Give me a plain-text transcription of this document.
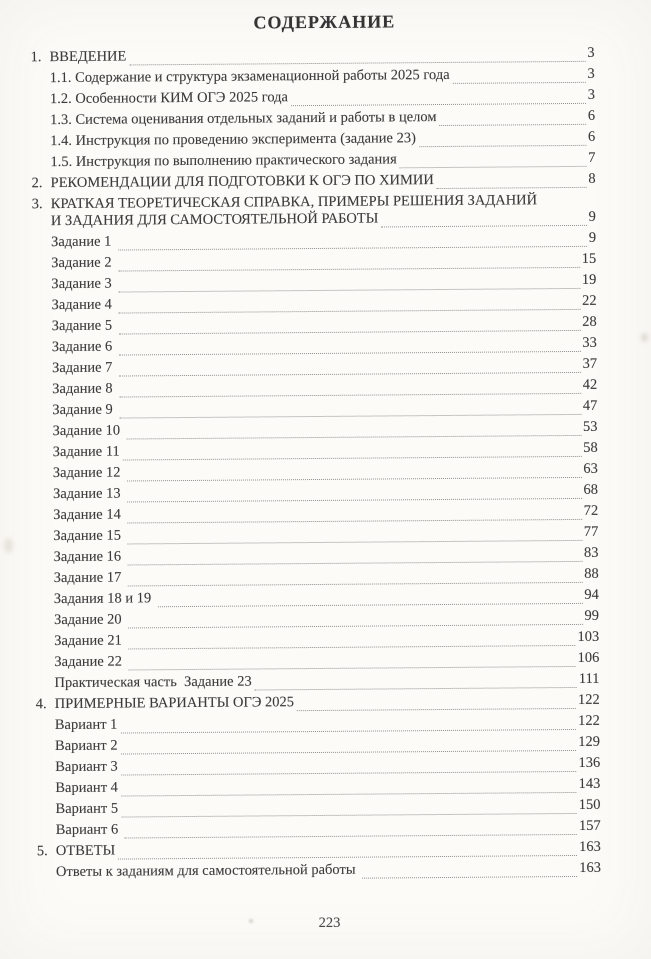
СОДЕРЖАНИЕ
1. ВВЕДЕНИЕ	3
1.1. Содержание и структура экзаменационной работы 2025 года	3
1.2. Особенности КИМ ОГЭ 2025 года	3
1.3. Система оценивания отдельных заданий и работы в целом	6
1.4. Инструкция по проведению эксперимента (задание 23)	6
1.5. Инструкция по выполнению практического задания	7
2. РЕКОМЕНДАЦИИ ДЛЯ ПОДГОТОВКИ К ОГЭ ПО ХИМИИ	8
3. КРАТКАЯ ТЕОРЕТИЧЕСКАЯ СПРАВКА, ПРИМЕРЫ РЕШЕНИЯ ЗАДАНИЙ
И ЗАДАНИЯ ДЛЯ САМОСТОЯТЕЛЬНОЙ РАБОТЫ	9
Задание 1	9
Задание 2	15
Задание 3	19
Задание 4	22
Задание 5	28
Задание 6	33
Задание 7	37
Задание 8	42
Задание 9	47
Задание 10	53
Задание 11	58
Задание 12	63
Задание 13	68
Задание 14	72
Задание 15	77
Задание 16	83
Задание 17	88
Задания 18 и 19	94
Задание 20	99
Задание 21	103
Задание 22	106
Практическая часть  Задание 23	111
4. ПРИМЕРНЫЕ ВАРИАНТЫ ОГЭ 2025	122
Вариант 1	122
Вариант 2	129
Вариант 3	136
Вариант 4	143
Вариант 5	150
Вариант 6	157
5. ОТВЕТЫ	163
Ответы к заданиям для самостоятельной работы	163
223
